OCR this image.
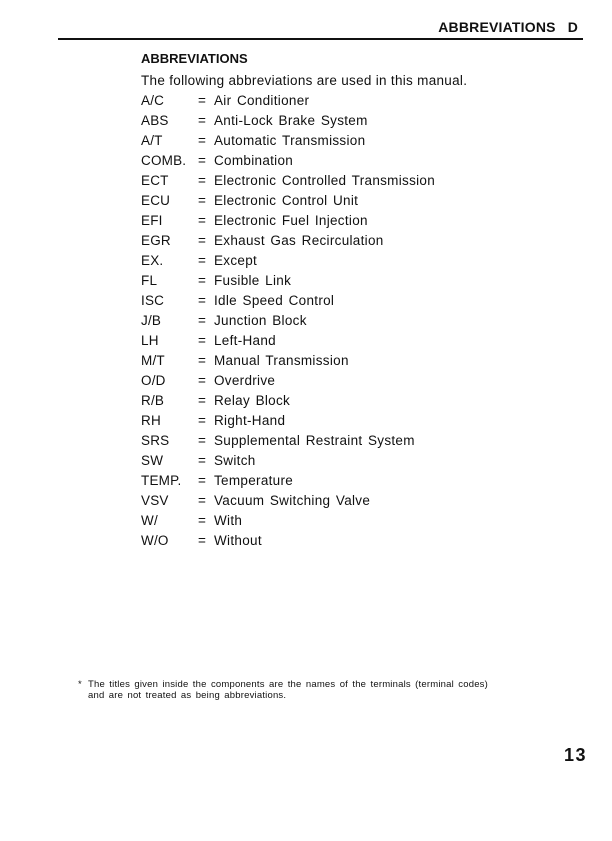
ABBREVIATIONS D
ABBREVIATIONS
The following abbreviations are used in this manual.
A/C	= Air Conditioner
ABS	= Anti-Lock Brake System
A/T	= Automatic Transmission
COMB. = Combination
ECT	= Electronic Controlled Transmission
ECU	= Electronic Control Unit
EFI	= Electronic Fuel Injection
EGR	= Exhaust Gas Recirculation
EX.	= Except
FL	= Fusible Link
ISC	= Idle Speed Control
J/B	= Junction Block
LH	= Left-Hand
M/T	= Manual Transmission
O/D	= Overdrive
R/B	= Relay Block
RH	= Right-Hand
SRS	= Supplemental Restraint System
SW	= Switch
TEMP.	= Temperature
VSV	= Vacuum Switching Valve
W/	= With
W/O	= Without
* The titles given inside the components are the names of the terminals (terminal codes)
and are not treated as being abbreviations.
13
